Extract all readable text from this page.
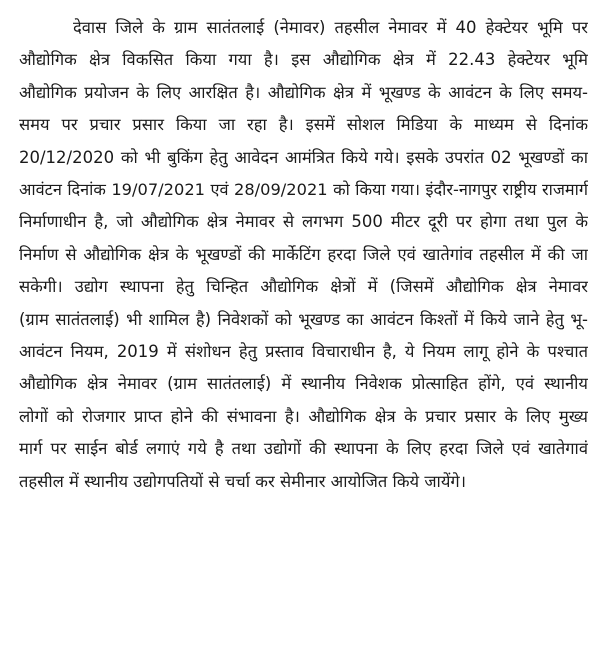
देवास जिले के ग्राम सातंतलाई (नेमावर) तहसील नेमावर में 40 हेक्टेयर भूमि पर
औद्योगिक क्षेत्र विकसित किया गया है। इस औद्योगिक क्षेत्र में 22.43 हेक्टेयर भूमि
औद्योगिक प्रयोजन के लिए आरक्षित है। औद्योगिक क्षेत्र में भूखण्ड के आवंटन के लिए समय-
समय पर प्रचार प्रसार किया जा रहा है। इसमें सोशल मिडिया के माध्यम से दिनांक
20/12/2020 को भी बुकिंग हेतु आवेदन आमंत्रित किये गये। इसके उपरांत 02 भूखण्डों का
आवंटन दिनांक 19/07/2021 एवं 28/09/2021 को किया गया। इंदौर-नागपुर राष्ट्रीय राजमार्ग
निर्माणाधीन है, जो औद्योगिक क्षेत्र नेमावर से लगभग 500 मीटर दूरी पर होगा तथा पुल के
निर्माण से औद्योगिक क्षेत्र के भूखण्डों की मार्केटिंग हरदा जिले एवं खातेगांव तहसील में की जा
सकेगी। उद्योग स्थापना हेतु चिन्हित औद्योगिक क्षेत्रों में (जिसमें औद्योगिक क्षेत्र नेमावर
(ग्राम सातंतलाई) भी शामिल है) निवेशकों को भूखण्ड का आवंटन किश्तों में किये जाने हेतु भू-
आवंटन नियम, 2019 में संशोधन हेतु प्रस्ताव विचाराधीन है, ये नियम लागू होने के पश्चात
औद्योगिक क्षेत्र नेमावर (ग्राम सातंतलाई) में स्थानीय निवेशक प्रोत्साहित होंगे, एवं स्थानीय
लोगों को रोजगार प्राप्त होने की संभावना है। औद्योगिक क्षेत्र के प्रचार प्रसार के लिए मुख्य
मार्ग पर साईन बोर्ड लगाएं गये है तथा उद्योगों की स्थापना के लिए हरदा जिले एवं खातेगावं
तहसील में स्थानीय उद्योगपतियों से चर्चा कर सेमीनार आयोजित किये जायेंगे।
